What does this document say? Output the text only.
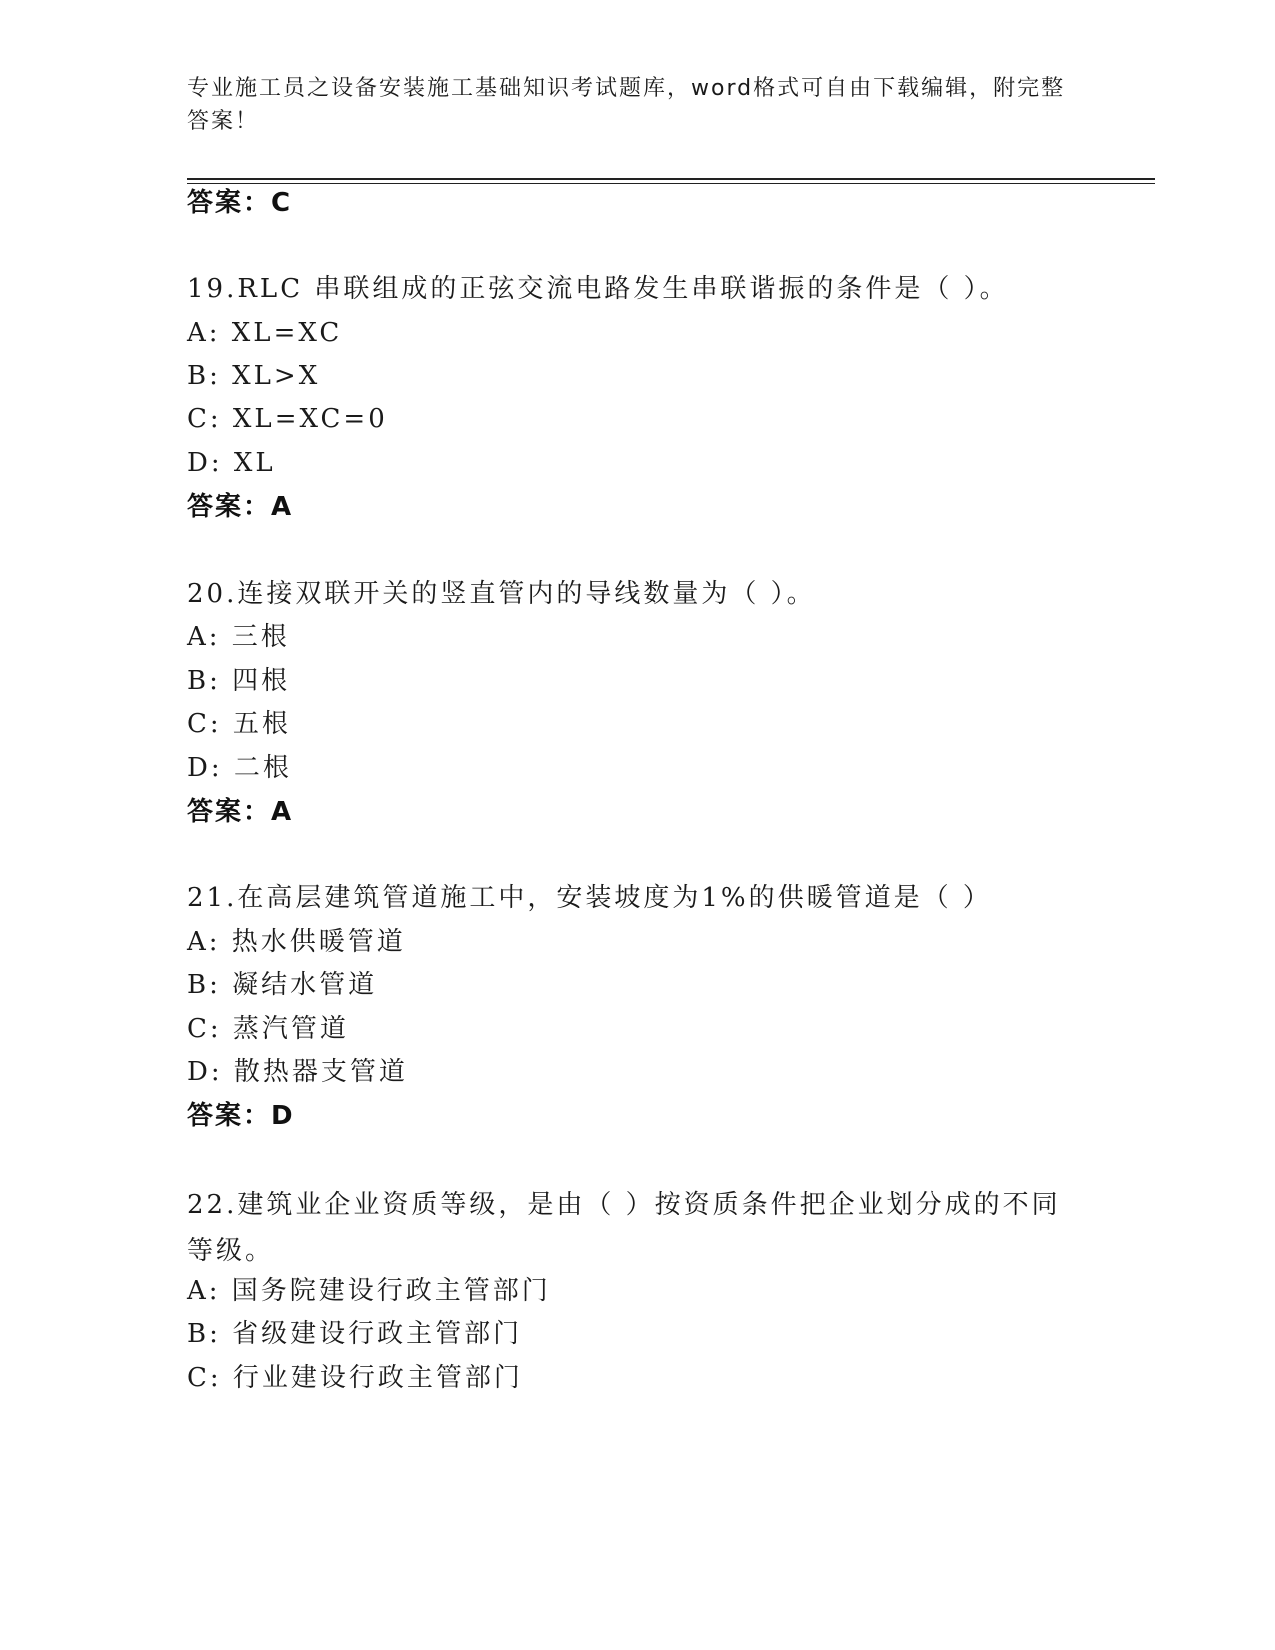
专业施工员之设备安装施工基础知识考试题库，word格式可自由下载编辑，附完整答案！
答案：C
19.RLC 串联组成的正弦交流电路发生串联谐振的条件是（ ）。
A: XL=XC
B: XL>X
C: XL=XC=0
D: XL
答案：A
20.连接双联开关的竖直管内的导线数量为（ ）。
A: 三根
B: 四根
C: 五根
D: 二根
答案：A
21.在高层建筑管道施工中，安装坡度为1%的供暖管道是（ ）
A: 热水供暖管道
B: 凝结水管道
C: 蒸汽管道
D: 散热器支管道
答案：D
22.建筑业企业资质等级，是由（ ）按资质条件把企业划分成的不同等级。
A: 国务院建设行政主管部门
B: 省级建设行政主管部门
C: 行业建设行政主管部门
